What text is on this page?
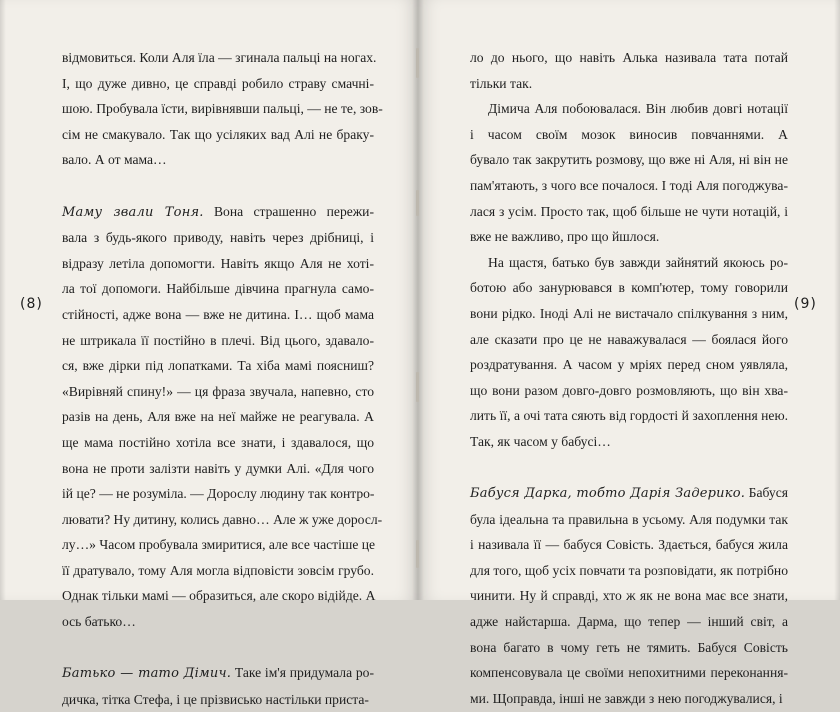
відмовиться. Коли Аля їла — згинала пальці на ногах.
І, що дуже дивно, це справді робило страву смачні-
шою. Пробувала їсти, вирівнявши пальці, — не те, зов-
сім не смакувало. Так що усіляких вад Алі не браку-
вало. А от мама…
Маму звали Тоня. Вона страшенно пережи-
вала з будь-якого приводу, навіть через дрібниці, і
відразу летіла допомогти. Навіть якщо Аля не хотi-
ла тої допомоги. Найбільше дівчина прагнула само-
стійності, адже вона — вже не дитина. І… щоб мама
не штрикала її постійно в плечі. Від цього, здавало-
ся, вже дірки під лопатками. Та хіба мамі поясниш?
«Вирівняй спину!» — ця фраза звучала, напевно, сто
разів на день, Аля вже на неї майже не реагувала. А
ще мама постійно хотіла все знати, і здавалося, що
вона не проти залізти навіть у думки Алі. «Для чого
ій це? — не розуміла. — Дорослу людину так контро-
лювати? Ну дитину, колись давно… Але ж уже доросл-
лу…» Часом пробувала змиритися, але все частіше це
її дратувало, тому Аля могла відповісти зовсім грубо.
Однак тільки мамі — образиться, але скоро відійде. А
ось батько…
Батько — тато Дімич. Таке ім'я придумала ро-
дичка, тітка Стефа, і це прізвисько настільки приста-
(8)
ло до нього, що навіть Алька називала тата потай
тільки так.
Дімича Аля побоювалася. Він любив довгі нотації
і часом своїм мозок виносив повчаннями. А
бувало так закрутить розмову, що вже ні Аля, ні він не
пам'ятають, з чого все почалося. І тоді Аля погоджува-
лася з усім. Просто так, щоб більше не чути нотацій, і
вже не важливо, про що йшлося.
На щастя, батько був завжди зайнятий якоюсь ро-
ботою або занурювався в комп'ютер, тому говорили
вони рідко. Іноді Алі не вистачало спілкування з ним,
але сказати про це не наважувалася — боялася його
роздратування. А часом у мріях перед сном уявляла,
що вони разом довго-довго розмовляють, що він хва-
лить її, а очі тата сяють від гордості й захоплення нею.
Так, як часом у бабусі…
Бабуся Дарка, тобто Дарія Задерико. Бабуся
була ідеальна та правильна в усьому. Аля подумки так
і називала її — бабуся Совість. Здається, бабуся жила
для того, щоб усіх повчати та розповідати, як потрібно
чинити. Ну й справді, хто ж як не вона має все знати,
адже найстарша. Дарма, що тепер — інший світ, а
вона багато в чому геть не тямить. Бабуся Совість
компенсовувала це своїми непохитними переконання-
ми. Щоправда, інші не завжди з нею погоджувалися, і
(9)
